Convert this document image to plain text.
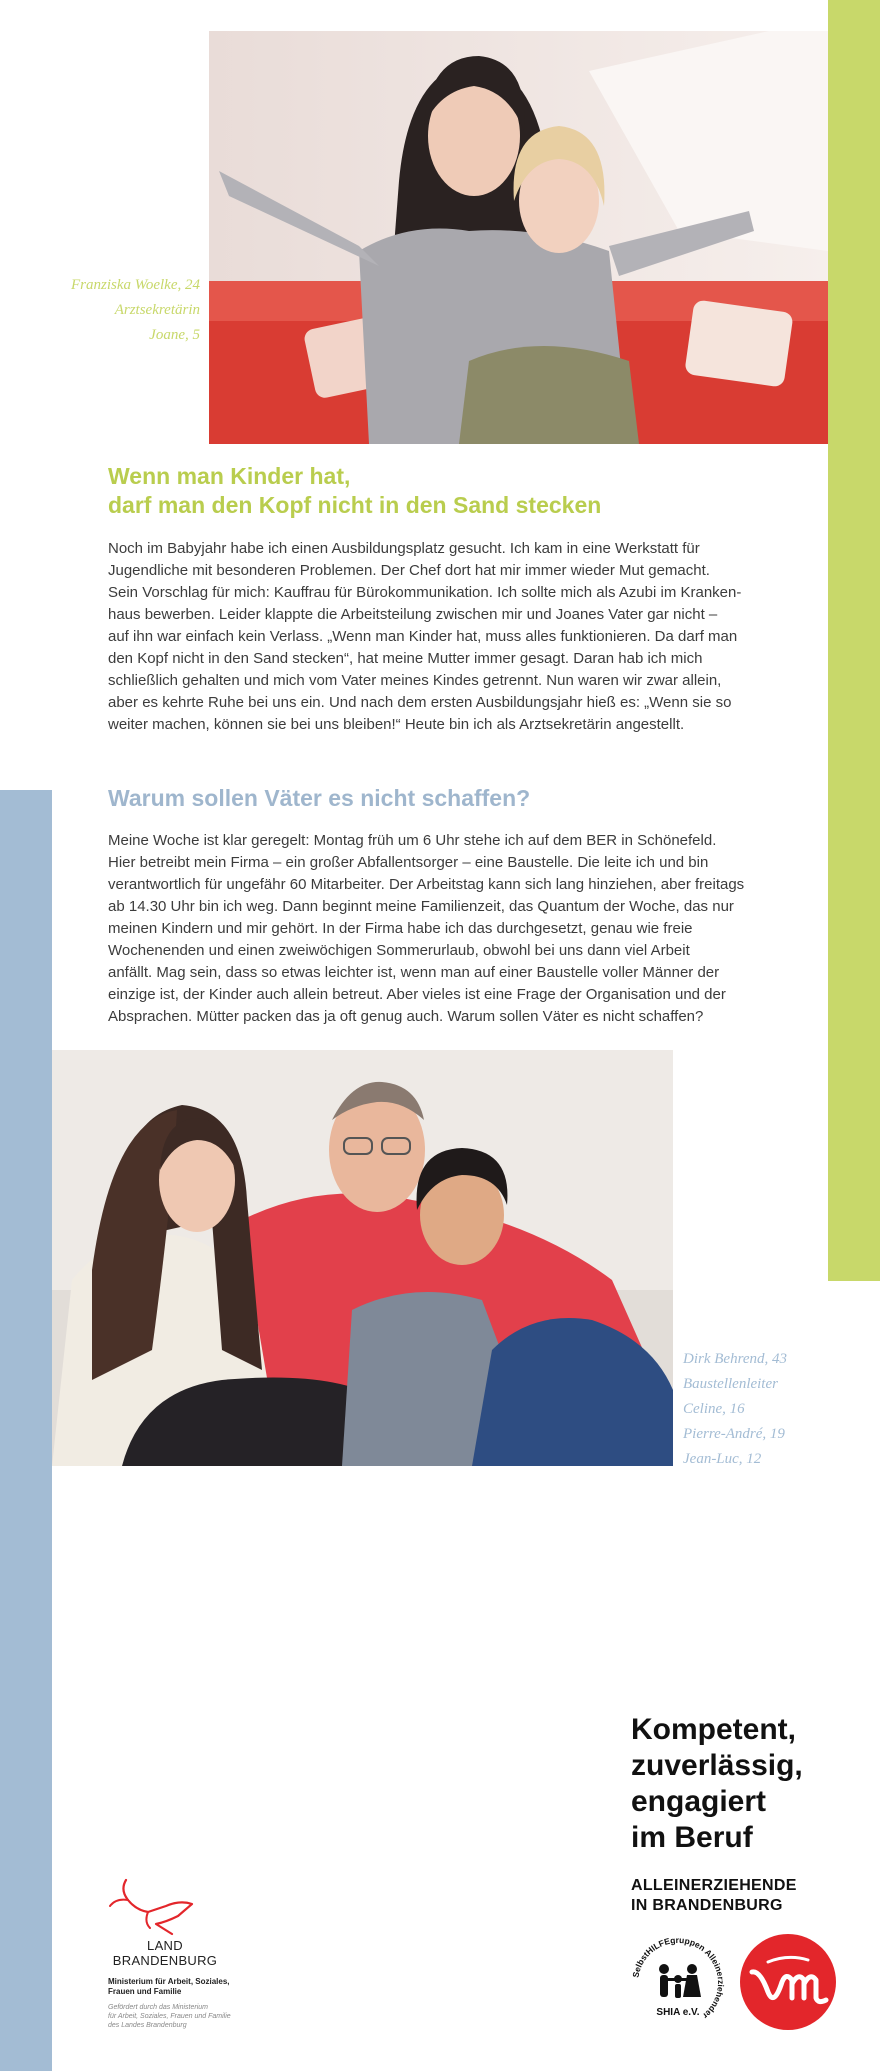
Franziska Woelke, 24
Arztsekretärin
Joane, 5
Wenn man Kinder hat,
darf man den Kopf nicht in den Sand stecken
Noch im Babyjahr habe ich einen Ausbildungsplatz gesucht. Ich kam in eine Werkstatt für
Jugendliche mit besonderen Problemen. Der Chef dort hat mir immer wieder Mut gemacht.
Sein Vorschlag für mich: Kauffrau für Bürokommunikation. Ich sollte mich als Azubi im Kranken-
haus bewerben. Leider klappte die Arbeitsteilung zwischen mir und Joanes Vater gar nicht –
auf ihn war einfach kein Verlass. „Wenn man Kinder hat, muss alles funktionieren. Da darf man
den Kopf nicht in den Sand stecken“, hat meine Mutter immer gesagt. Daran hab ich mich
schließlich gehalten und mich vom Vater meines Kindes getrennt. Nun waren wir zwar allein,
aber es kehrte Ruhe bei uns ein. Und nach dem ersten Ausbildungsjahr hieß es: „Wenn sie so
weiter machen, können sie bei uns bleiben!“ Heute bin ich als Arztsekretärin angestellt.
Warum sollen Väter es nicht schaffen?
Meine Woche ist klar geregelt: Montag früh um 6 Uhr stehe ich auf dem BER in Schönefeld.
Hier betreibt mein Firma – ein großer Abfallentsorger – eine Baustelle. Die leite ich und bin
verantwortlich für ungefähr 60 Mitarbeiter. Der Arbeitstag kann sich lang hinziehen, aber freitags
ab 14.30 Uhr bin ich weg. Dann beginnt meine Familienzeit, das Quantum der Woche, das nur
meinen Kindern und mir gehört. In der Firma habe ich das durchgesetzt, genau wie freie
Wochenenden und einen zweiwöchigen Sommerurlaub, obwohl bei uns dann viel Arbeit
anfällt. Mag sein, dass so etwas leichter ist, wenn man auf einer Baustelle voller Männer der
einzige ist, der Kinder auch allein betreut. Aber vieles ist eine Frage der Organisation und der
Absprachen. Mütter packen das ja oft genug auch. Warum sollen Väter es nicht schaffen?
Dirk Behrend, 43
Baustellenleiter
Celine, 16
Pierre-André, 19
Jean-Luc, 12
Kompetent,
zuverlässig,
engagiert
im Beruf
ALLEINERZIEHENDE
IN BRANDENBURG
SelbstHILFEgruppen Alleinerziehender
SHIA e.V.
LAND
BRANDENBURG
Ministerium für Arbeit, Soziales,
Frauen und Familie
Gefördert durch das Ministerium
für Arbeit, Soziales, Frauen und Familie
des Landes Brandenburg
